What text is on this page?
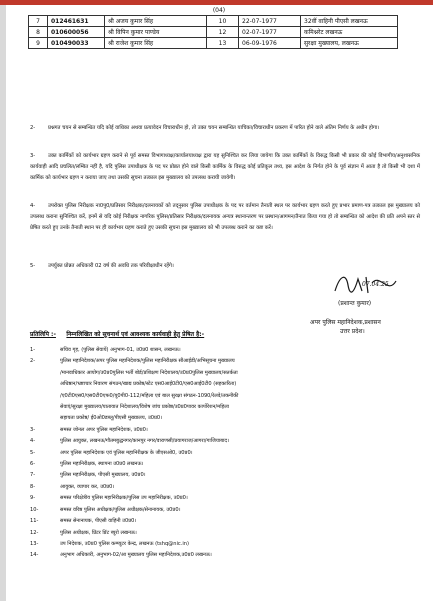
(04)
7	012461631	श्री अजय कुमार सिंह	10	22-07-1977	32वीं वाहिनी पीएसी लखनऊ
8	010600056	श्री विपिन कुमार पाण्डेय	12	02-07-1977	कमिश्नरेट लखनऊ
9	010490033	श्री राजेश कुमार सिंह	13	06-09-1976	सुरक्षा मुख्यालय, लखनऊ

2- प्रश्नगत चयन से सम्बन्धित यदि कोई वाधिका अथवा प्रत्यावेदन विचाराधीन हो, तो उक्त चयन सम्बन्धित याचिका/विचाराधीन प्रकरण में पारित होने वाले अंतिम निर्णय के अधीन होगा।

3- उक्त कार्मिकों को कार्यभार ग्रहण कराने से पूर्व समस्त विभागाध्यक्ष/कार्यालयाध्यक्ष द्वारा यह सुनिश्चित कर लिया जायेगा कि उक्त कार्मिकों के विरुद्ध किसी भी प्रकार की कोई विभागीय/अनुशासनिक कार्यवाही आदि प्रचलित/लम्बित नहीं है, यदि पुलिस उपाधीक्षक के पद पर प्रोन्नत होने वाले किसी कार्मिक के विरुद्ध कोई प्रतिकूल तथ्य, इस आदेश के निर्गत होने के पूर्व संज्ञान में आता है तो किसी भी दशा में कार्मिक को कार्यभार ग्रहण न कराया जाए तथा उसकी सूचना तत्काल इस मुख्यालय को उपलब्ध करायी जायेगी।

4- उपरोक्त पुलिस निरीक्षक ना0पु0/प्रतिसार निरीक्षक/दलनायकों को तद्नुसार पुलिस उपाधीक्षक के पद पर वर्तमान तैनाती स्थल पर कार्यभार ग्रहण करते हुए प्रभार प्रमाण-पत्र तत्काल इस मुख्यालय को उपलब्ध कराना सुनिश्चित करें, इनमें से यदि कोई निरीक्षक नागरिक पुलिस/प्रतिसार निरीक्षक/दलनायक अन्यत्र स्थानान्तरण पर प्रस्थान/आगमन/तैनात किया गया हो तो सम्बन्धित को आदेश की प्रति अपने स्तर से प्रेषित करते हुए उनके तैनाती स्थान पर ही कार्यभार ग्रहण कराते हुए उसकी सूचना इस मुख्यालय को भी उपलब्ध कराने का कष्ट करें।

5- उपर्युक्त प्रोन्नत अधिकारी 02 वर्ष की अवधि तक परिवीक्षाधीन रहेंगे।

07.04.25
(प्रशान्त कुमार)
अपर पुलिस महानिदेशक,प्रशासन
उत्तर प्रदेश।
प्रतिलिपि :- निम्नलिखित को सूचनार्थ एवं आवश्यक कार्यवाही हेतु प्रेषित है:-
1-	सचिव गृह, (पुलिस सेवायें) अनुभाग-01, उ0प्र0 शासन, लखनऊ।
2-	पुलिस महानिदेशक/अपर पुलिस महानिदेशक/पुलिस महानिरीक्षक सीआईडी/अभिसूचना मुख्यालय
/मानवाधिकार आयोग/उ0प्र0पुलिस भर्ती बोर्ड/प्रशिक्षण निदेशालय/उ0प्र0पुलिस मुख्यालय/सतर्कता
अधिष्ठान/भ्रष्टाचार निवारण संगठन/खाद्य प्रकोष्ठ/स्टेट एस0आई0टी0/एस0आई0टी0 (सहकारिता)
/ए0टी0एस0/एस0टी0एफ0/यू0पी0-112/महिला एवं बाल सुरक्षा संगठन-1090/रेलवे/तकनीकी
सेवाएं/सुरक्षा मुख्यालय/यातायात निदेशालय/विशेष जांच प्रकोष्ठ/उ0प्र0पावर कार्पोरेशन/महिला
सहायता प्रकोष्ठ/ ई0ओ0डब्लू/पीएसी मुख्यालय, उ0प्र0।
3-	समस्त जोनल अपर पुलिस महानिदेशक, उ0प्र0।
4-	पुलिस आयुक्त, लखनऊ/गौतमबुद्धनगर/कानपुर नगर/वाराणसी/प्रयागराज/आगरा/गाजियाबाद।
5-	अपर पुलिस महानिदेशक एवं पुलिस महानिरीक्षक के जीएसओ0, उ0प्र0।
6-	पुलिस महानिरीक्षक, स्थापना उ0प्र0 लखनऊ।
7-	पुलिस महानिरीक्षक, पीएसी मुख्यालय, उ0प्र0।
8-	आयुक्त, व्यापार कर, उ0प्र0।
9-	समस्त परिक्षेत्रीय पुलिस महानिरीक्षक/पुलिस उप महानिरीक्षक, उ0प्र0।
10-	समस्त वरिष्ठ पुलिस अधीक्षक/पुलिस अधीक्षक/सेनानायक, उ0प्र0।
11-	समस्त सेनानायक, पीएसी वाहिनी उ0प्र0।
12-	पुलिस अधीक्षक, प्रिंटर प्रिंट ब्यूरो लखनऊ।
13-	उप निदेशक, उ0प्र0 पुलिस कम्प्यूटर केन्द्र, लखनऊ (tshq@nic.in)
14-	अनुभाग अधिकारी, अनुभाग-02/आ मुख्यालय पुलिस महानिदेशक,उ0प्र0 लखनऊ।
